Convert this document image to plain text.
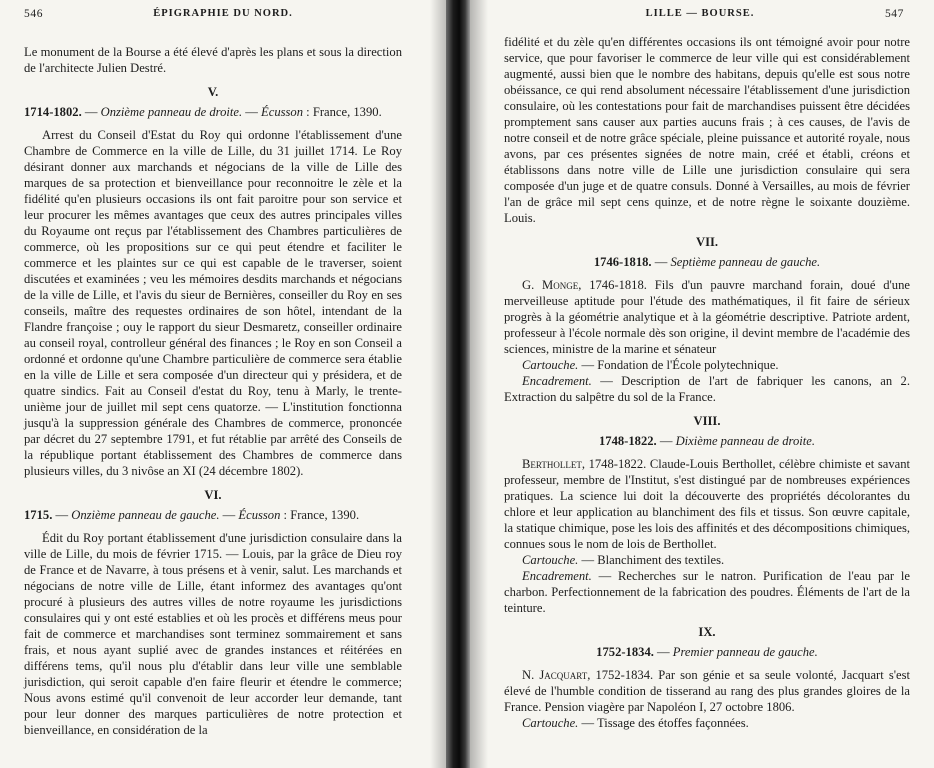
546	ÉPIGRAPHIE DU NORD.

Le monument de la Bourse a été élevé d'après les plans et sous la direction de l'architecte Julien Destré.

V.
1714-1802. — Onzième panneau de droite. — Écusson : France, 1390.

Arrest du Conseil d'Estat du Roy qui ordonne l'établissement d'une Chambre de Commerce en la ville de Lille, du 31 juillet 1714. Le Roy désirant donner aux marchands et négocians de la ville de Lille des marques de sa protection et bienveillance pour reconnoitre le zèle et la fidélité qu'en plusieurs occasions ils ont fait paroitre pour son service et leur procurer les mêmes avantages que ceux des autres principales villes du Royaume ont reçus par l'établissement des Chambres particulières de commerce, où les propositions sur ce qui peut étendre et faciliter le commerce et les plaintes sur ce qui est capable de le traverser, soient discutées et examinées ; veu les mémoires desdits marchands et négocians de la ville de Lille, et l'avis du sieur de Bernières, conseiller du Roy en ses conseils, maître des requestes ordinaires de son hôtel, intendant de la Flandre françoise ; ouy le rapport du sieur Desmaretz, conseiller ordinaire au conseil royal, controlleur général des finances ; le Roy en son Conseil a ordonné et ordonne qu'une Chambre particulière de commerce sera établie en la ville de Lille et sera composée d'un directeur qui y présidera, et de quatre sindics. Fait au Conseil d'estat du Roy, tenu à Marly, le trente-unième jour de juillet mil sept cens quatorze. — L'institution fonctionna jusqu'à la suppression générale des Chambres de commerce, prononcée par décret du 27 septembre 1791, et fut rétablie par arrêté des Conseils de la république portant établissement des Chambres de commerce dans plusieurs villes, du 3 nivôse an XI (24 décembre 1802).

VI.
1715. — Onzième panneau de gauche. — Écusson : France, 1390.

Édit du Roy portant établissement d'une jurisdiction consulaire dans la ville de Lille, du mois de février 1715. — Louis, par la grâce de Dieu roy de France et de Navarre, à tous présens et à venir, salut. Les marchands et négocians de notre ville de Lille, étant informez des avantages qu'ont procuré à plusieurs des autres villes de notre royaume les jurisdictions consulaires qui y ont esté establies et où les procès et différens meus pour fait de commerce et marchandises sont terminez sommairement et sans frais, et nous ayant suplié avec de grandes instances et réitérées en différens tems, qu'il nous plu d'établir dans leur ville une semblable jurisdiction, qui seroit capable d'en faire fleurir et étendre le commerce; Nous avons estimé qu'il convenoit de leur accorder leur demande, tant pour leur donner des marques particulières de notre protection et bienveillance, en considération de la

LILLE — BOURSE.	547

fidélité et du zèle qu'en différentes occasions ils ont témoigné avoir pour notre service, que pour favoriser le commerce de leur ville qui est considérablement augmenté, aussi bien que le nombre des habitans, depuis qu'elle est sous notre obéissance, ce qui rend absolument nécessaire l'établissement d'une jurisdiction consulaire, où les contestations pour fait de marchandises puissent être décidées promptement sans causer aux parties aucuns frais ; à ces causes, de l'avis de notre conseil et de notre grâce spéciale, pleine puissance et autorité royale, nous avons, par ces présentes signées de notre main, créé et établi, créons et établissons dans notre ville de Lille une jurisdiction consulaire qui sera composée d'un juge et de quatre consuls. Donné à Versailles, au mois de février l'an de grâce mil sept cens quinze, et de notre règne le soixante douzième. Louis.

VII.
1746-1818. — Septième panneau de gauche.

G. Monge, 1746-1818. Fils d'un pauvre marchand forain, doué d'une merveilleuse aptitude pour l'étude des mathématiques, il fit faire de sérieux progrès à la géométrie analytique et à la géométrie descriptive. Patriote ardent, professeur à l'école normale dès son origine, il devint membre de l'académie des sciences, ministre de la marine et sénateur

Cartouche. — Fondation de l'École polytechnique.

Encadrement. — Description de l'art de fabriquer les canons, an 2. Extraction du salpêtre du sol de la France.

VIII.
1748-1822. — Dixième panneau de droite.

Berthollet, 1748-1822. Claude-Louis Berthollet, célèbre chimiste et savant professeur, membre de l'Institut, s'est distingué par de nombreuses expériences pratiques. La science lui doit la découverte des propriétés décolorantes du chlore et leur application au blanchiment des fils et tissus. Son œuvre capitale, la statique chimique, pose les lois des affinités et des décompositions chimiques, connues sous le nom de lois de Berthollet.

Cartouche. — Blanchiment des textiles.

Encadrement. — Recherches sur le natron. Purification de l'eau par le charbon. Perfectionnement de la fabrication des poudres. Éléments de l'art de la teinture.

IX.
1752-1834. — Premier panneau de gauche.

N. Jacquart, 1752-1834. Par son génie et sa seule volonté, Jacquart s'est élevé de l'humble condition de tisserand au rang des plus grandes gloires de la France. Pension viagère par Napoléon I, 27 octobre 1806.

Cartouche. — Tissage des étoffes façonnées.
